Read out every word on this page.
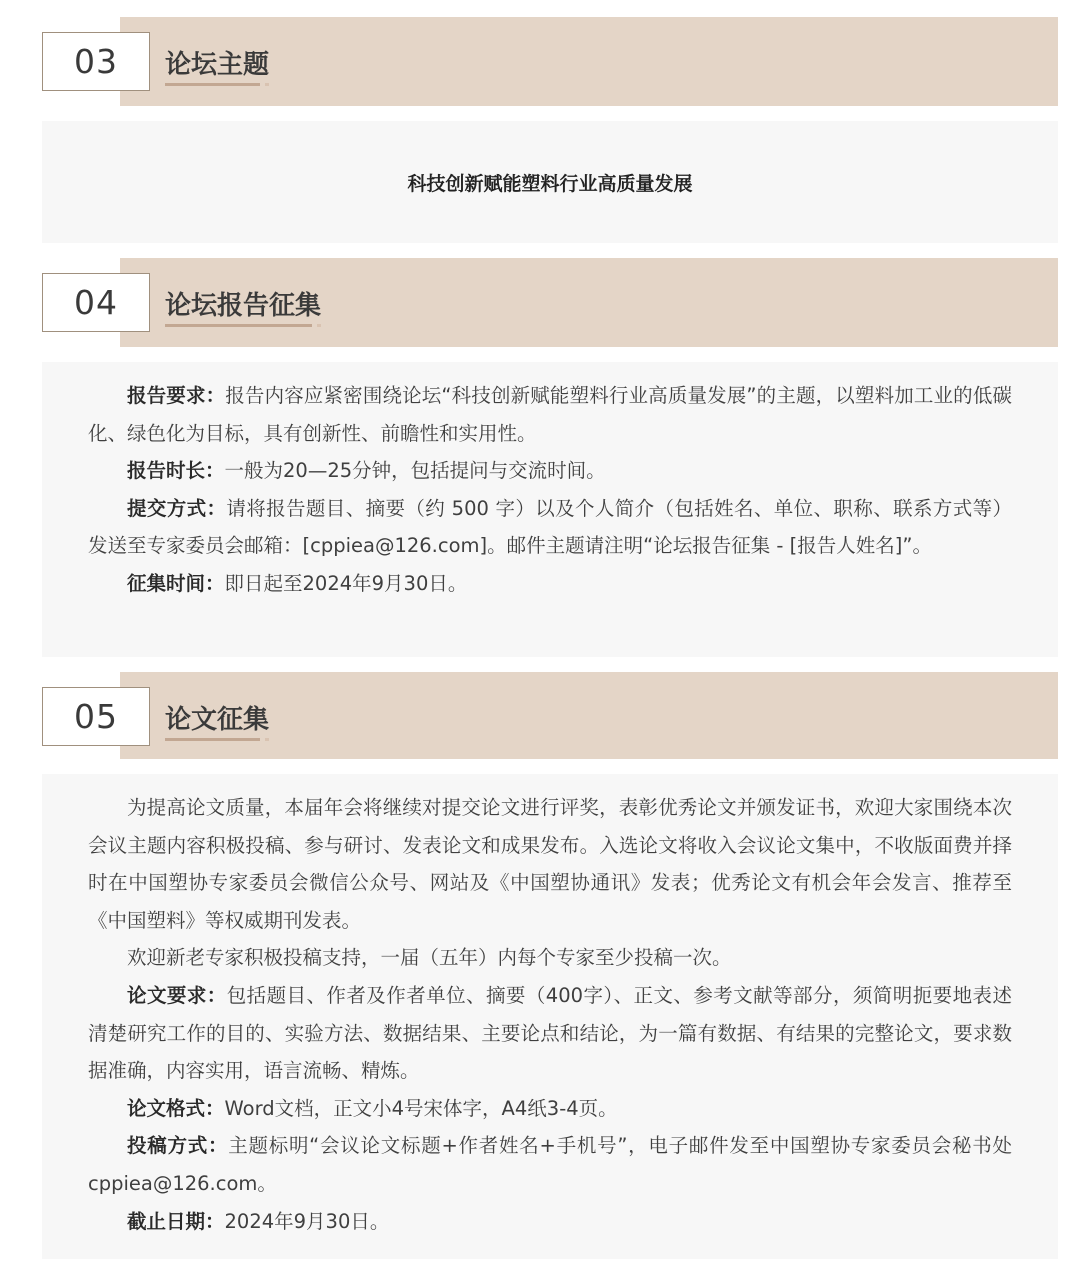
03	论坛主题
科技创新赋能塑料行业高质量发展
04	论坛报告征集

报告要求：报告内容应紧密围绕论坛“科技创新赋能塑料行业高质量发展”的主题，以塑料加工业的低碳化、绿色化为目标，具有创新性、前瞻性和实用性。

报告时长：一般为20—25分钟，包括提问与交流时间。

提交方式：请将报告题目、摘要（约 500 字）以及个人简介（包括姓名、单位、职称、联系方式等）发送至专家委员会邮箱：[cppiea@126.com]。邮件主题请注明“论坛报告征集 - [报告人姓名]”。

征集时间：即日起至2024年9月30日。

05	论文征集

为提高论文质量，本届年会将继续对提交论文进行评奖，表彰优秀论文并颁发证书，欢迎大家围绕本次会议主题内容积极投稿、参与研讨、发表论文和成果发布。入选论文将收入会议论文集中，不收版面费并择时在中国塑协专家委员会微信公众号、网站及《中国塑协通讯》发表；优秀论文有机会年会发言、推荐至《中国塑料》等权威期刊发表。

欢迎新老专家积极投稿支持，一届（五年）内每个专家至少投稿一次。

论文要求：包括题目、作者及作者单位、摘要（400字）、正文、参考文献等部分，须简明扼要地表述清楚研究工作的目的、实验方法、数据结果、主要论点和结论，为一篇有数据、有结果的完整论文，要求数据准确，内容实用，语言流畅、精炼。

论文格式：Word文档，正文小4号宋体字，A4纸3-4页。

投稿方式：主题标明“会议论文标题+作者姓名+手机号”，电子邮件发至中国塑协专家委员会秘书处cppiea@126.com。

截止日期：2024年9月30日。
